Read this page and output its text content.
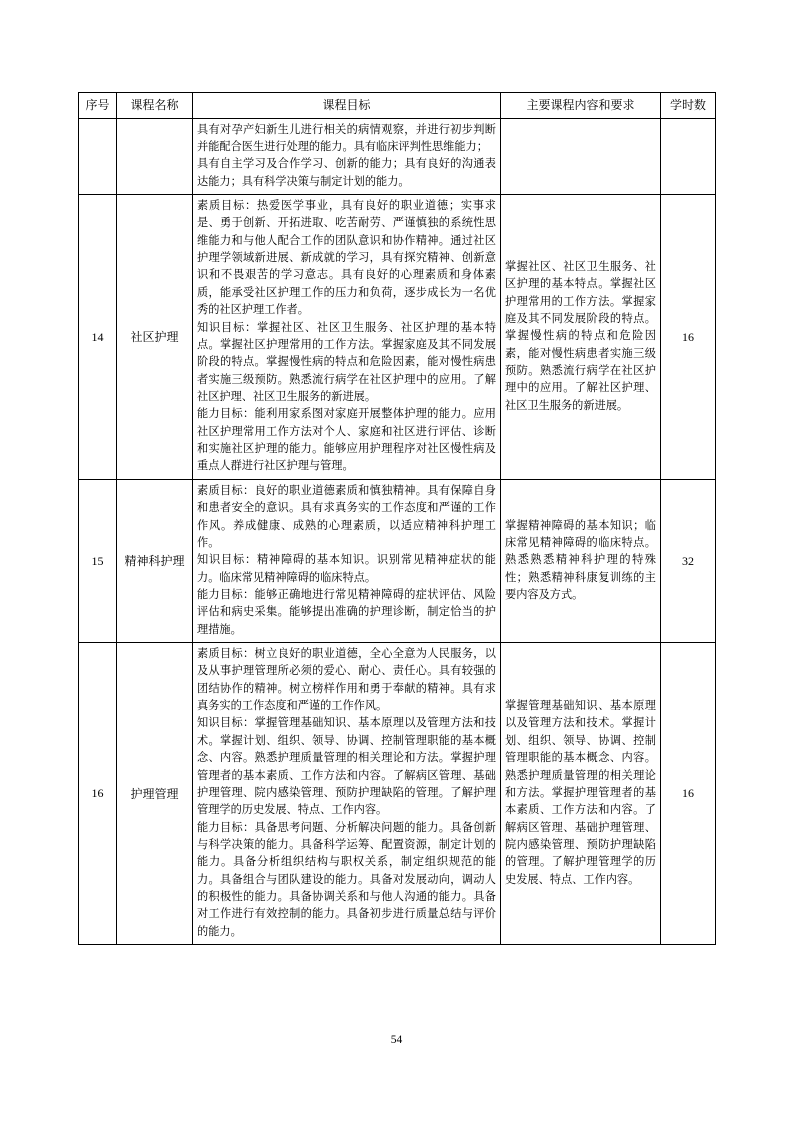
序号	课程名称	课程目标	主要课程内容和要求	学时数

		具有对孕产妇新生儿进行相关的病情观察，并进行初步判断并能配合医生进行处理的能力。具有临床评判性思维能力；

具有自主学习及合作学习、创新的能力；具有良好的沟通表达能力；具有科学决策与制定计划的能力。		

14	社区护理	素质目标：热爱医学事业，具有良好的职业道德；实事求是、勇于创新、开拓进取、吃苦耐劳、严谨慎独的系统性思维能力和与他人配合工作的团队意识和协作精神。通过社区护理学领域新进展、新成就的学习，具有探究精神、创新意识和不畏艰苦的学习意志。具有良好的心理素质和身体素质，能承受社区护理工作的压力和负荷，逐步成长为一名优秀的社区护理工作者。

知识目标：掌握社区、社区卫生服务、社区护理的基本特点。掌握社区护理常用的工作方法。掌握家庭及其不同发展阶段的特点。掌握慢性病的特点和危险因素，能对慢性病患者实施三级预防。熟悉流行病学在社区护理中的应用。了解社区护理、社区卫生服务的新进展。

能力目标：能利用家系图对家庭开展整体护理的能力。应用社区护理常用工作方法对个人、家庭和社区进行评估、诊断和实施社区护理的能力。能够应用护理程序对社区慢性病及重点人群进行社区护理与管理。	掌握社区、社区卫生服务、社区护理的基本特点。掌握社区护理常用的工作方法。掌握家庭及其不同发展阶段的特点。掌握慢性病的特点和危险因素，能对慢性病患者实施三级预防。熟悉流行病学在社区护理中的应用。了解社区护理、社区卫生服务的新进展。	16
15	精神科护理	素质目标：良好的职业道德素质和慎独精神。具有保障自身和患者安全的意识。具有求真务实的工作态度和严谨的工作作风。养成健康、成熟的心理素质，以适应精神科护理工作。

知识目标：精神障碍的基本知识。识别常见精神症状的能力。临床常见精神障碍的临床特点。

能力目标：能够正确地进行常见精神障碍的症状评估、风险评估和病史采集。能够提出准确的护理诊断，制定恰当的护理措施。	掌握精神障碍的基本知识；临床常见精神障碍的临床特点。熟悉熟悉精神科护理的特殊性；熟悉精神科康复训练的主要内容及方式。	32
16	护理管理	素质目标：树立良好的职业道德，全心全意为人民服务，以及从事护理管理所必须的爱心、耐心、责任心。具有较强的团结协作的精神。树立榜样作用和勇于奉献的精神。具有求真务实的工作态度和严谨的工作作风。

知识目标：掌握管理基础知识、基本原理以及管理方法和技术。掌握计划、组织、领导、协调、控制管理职能的基本概念、内容。熟悉护理质量管理的相关理论和方法。掌握护理管理者的基本素质、工作方法和内容。了解病区管理、基础护理管理、院内感染管理、预防护理缺陷的管理。了解护理管理学的历史发展、特点、工作内容。

能力目标：具备思考问题、分析解决问题的能力。具备创新与科学决策的能力。具备科学运筹、配置资源，制定计划的能力。具备分析组织结构与职权关系，制定组织规范的能力。具备组合与团队建设的能力。具备对发展动向，调动人的积极性的能力。具备协调关系和与他人沟通的能力。具备对工作进行有效控制的能力。具备初步进行质量总结与评价的能力。	掌握管理基础知识、基本原理以及管理方法和技术。掌握计划、组织、领导、协调、控制管理职能的基本概念、内容。熟悉护理质量管理的相关理论和方法。掌握护理管理者的基本素质、工作方法和内容。了解病区管理、基础护理管理、院内感染管理、预防护理缺陷的管理。了解护理管理学的历史发展、特点、工作内容。	16
54
